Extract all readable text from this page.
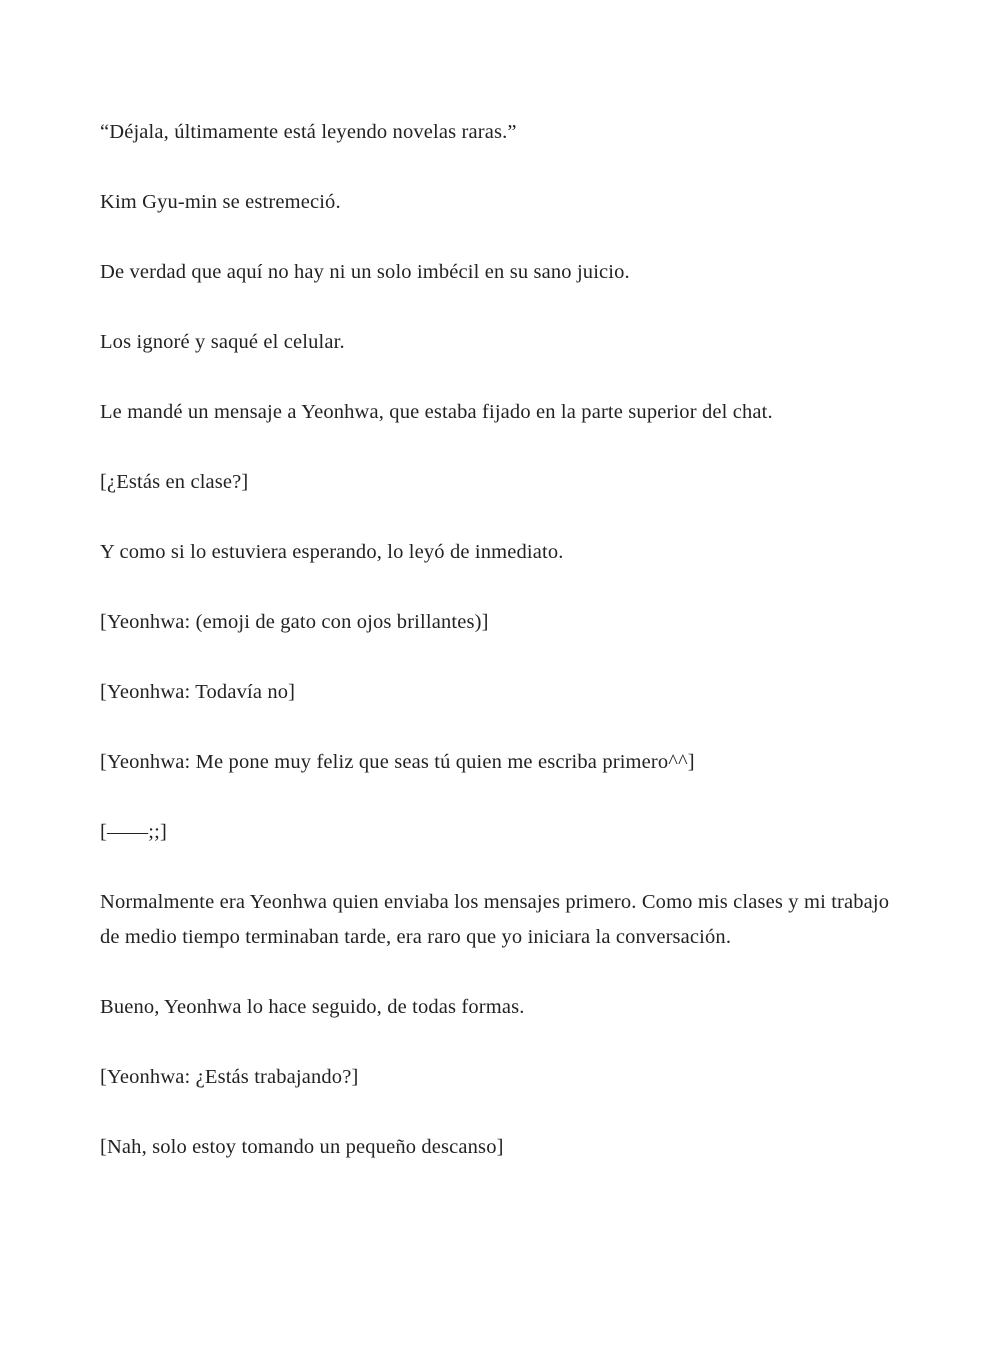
“Déjala, últimamente está leyendo novelas raras.”

Kim Gyu-min se estremeció.

De verdad que aquí no hay ni un solo imbécil en su sano juicio.

Los ignoré y saqué el celular.

Le mandé un mensaje a Yeonhwa, que estaba fijado en la parte superior del chat.

[¿Estás en clase?]

Y como si lo estuviera esperando, lo leyó de inmediato.

[Yeonhwa: (emoji de gato con ojos brillantes)]

[Yeonhwa: Todavía no]

[Yeonhwa: Me pone muy feliz que seas tú quien me escriba primero^^]

[——;;]

Normalmente era Yeonhwa quien enviaba los mensajes primero. Como mis clases y mi trabajo de medio tiempo terminaban tarde, era raro que yo iniciara la conversación.

Bueno, Yeonhwa lo hace seguido, de todas formas.

[Yeonhwa: ¿Estás trabajando?]

[Nah, solo estoy tomando un pequeño descanso]
